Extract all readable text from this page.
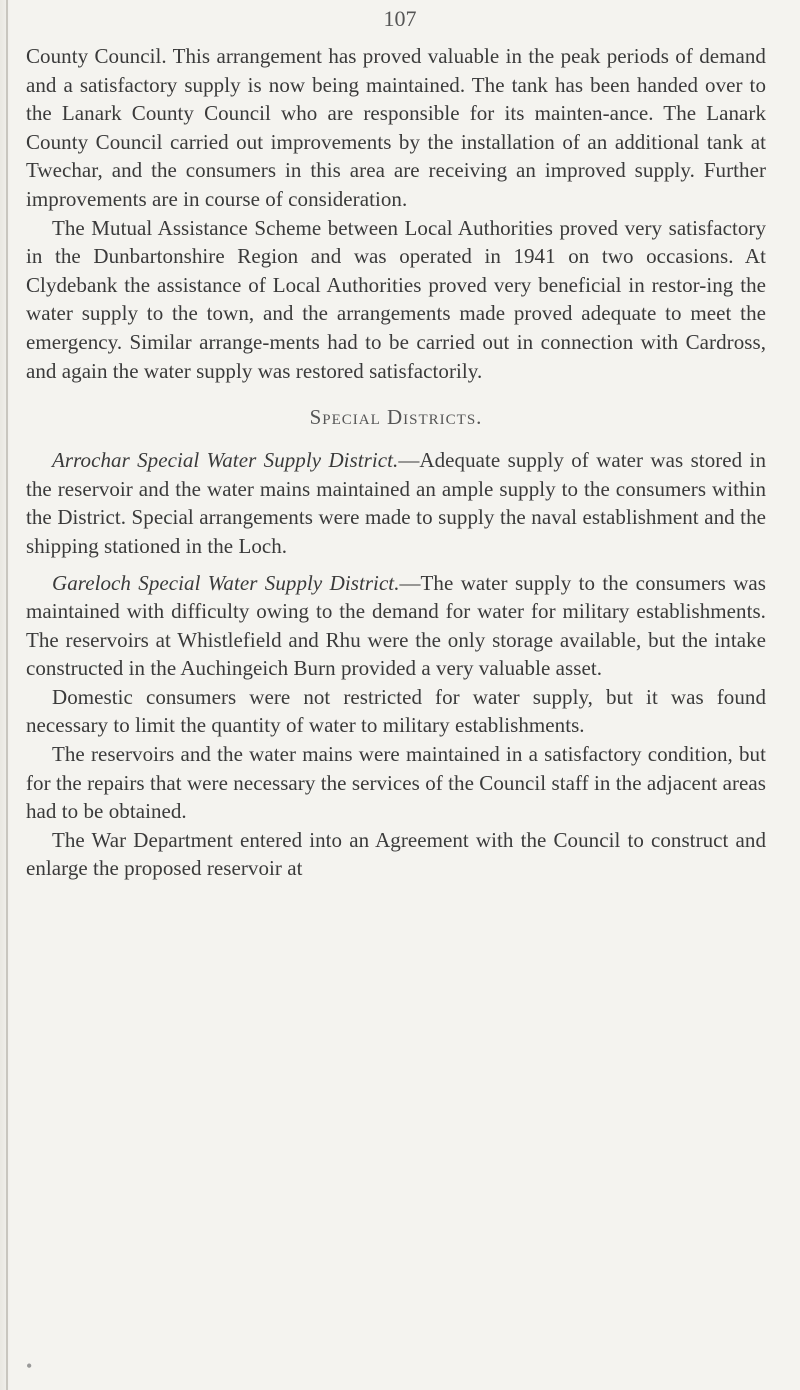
107

County Council. This arrangement has proved valuable in the peak periods of demand and a satisfactory supply is now being maintained. The tank has been handed over to the Lanark County Council who are responsible for its mainten-ance. The Lanark County Council carried out improvements by the installation of an additional tank at Twechar, and the consumers in this area are receiving an improved supply. Further improvements are in course of consideration.

The Mutual Assistance Scheme between Local Authorities proved very satisfactory in the Dunbartonshire Region and was operated in 1941 on two occasions. At Clydebank the assistance of Local Authorities proved very beneficial in restor-ing the water supply to the town, and the arrangements made proved adequate to meet the emergency. Similar arrange-ments had to be carried out in connection with Cardross, and again the water supply was restored satisfactorily.

Special Districts.

Arrochar Special Water Supply District.—Adequate supply of water was stored in the reservoir and the water mains maintained an ample supply to the consumers within the District. Special arrangements were made to supply the naval establishment and the shipping stationed in the Loch.

Gareloch Special Water Supply District.—The water supply to the consumers was maintained with difficulty owing to the demand for water for military establishments. The reservoirs at Whistlefield and Rhu were the only storage available, but the intake constructed in the Auchingeich Burn provided a very valuable asset.

Domestic consumers were not restricted for water supply, but it was found necessary to limit the quantity of water to military establishments.

The reservoirs and the water mains were maintained in a satisfactory condition, but for the repairs that were necessary the services of the Council staff in the adjacent areas had to be obtained.

The War Department entered into an Agreement with the Council to construct and enlarge the proposed reservoir at

•
